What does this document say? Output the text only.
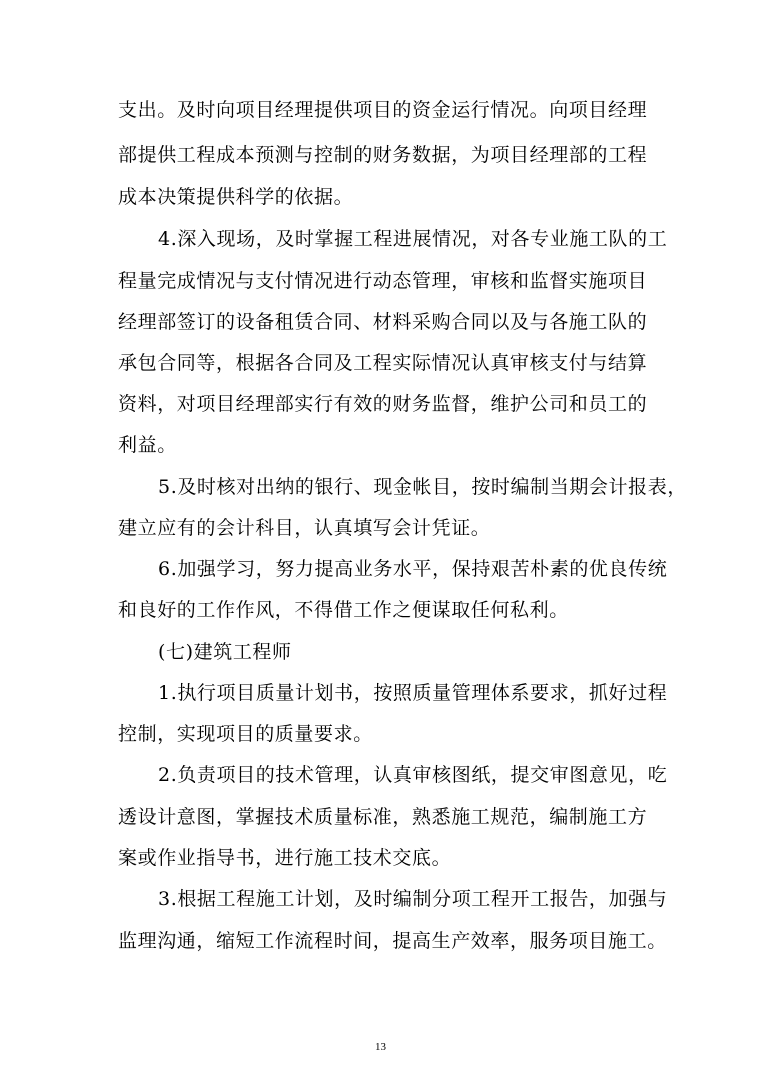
支出。及时向项目经理提供项目的资金运行情况。向项目经理
部提供工程成本预测与控制的财务数据，为项目经理部的工程
成本决策提供科学的依据。
4.深入现场，及时掌握工程进展情况，对各专业施工队的工
程量完成情况与支付情况进行动态管理，审核和监督实施项目
经理部签订的设备租赁合同、材料采购合同以及与各施工队的
承包合同等，根据各合同及工程实际情况认真审核支付与结算
资料，对项目经理部实行有效的财务监督，维护公司和员工的
利益。
5.及时核对出纳的银行、现金帐目，按时编制当期会计报表，
建立应有的会计科目，认真填写会计凭证。
6.加强学习，努力提高业务水平，保持艰苦朴素的优良传统
和良好的工作作风，不得借工作之便谋取任何私利。
(七)建筑工程师
1.执行项目质量计划书，按照质量管理体系要求，抓好过程
控制，实现项目的质量要求。
2.负责项目的技术管理，认真审核图纸，提交审图意见，吃
透设计意图，掌握技术质量标准，熟悉施工规范，编制施工方
案或作业指导书，进行施工技术交底。
3.根据工程施工计划，及时编制分项工程开工报告，加强与
监理沟通，缩短工作流程时间，提高生产效率，服务项目施工。
13
